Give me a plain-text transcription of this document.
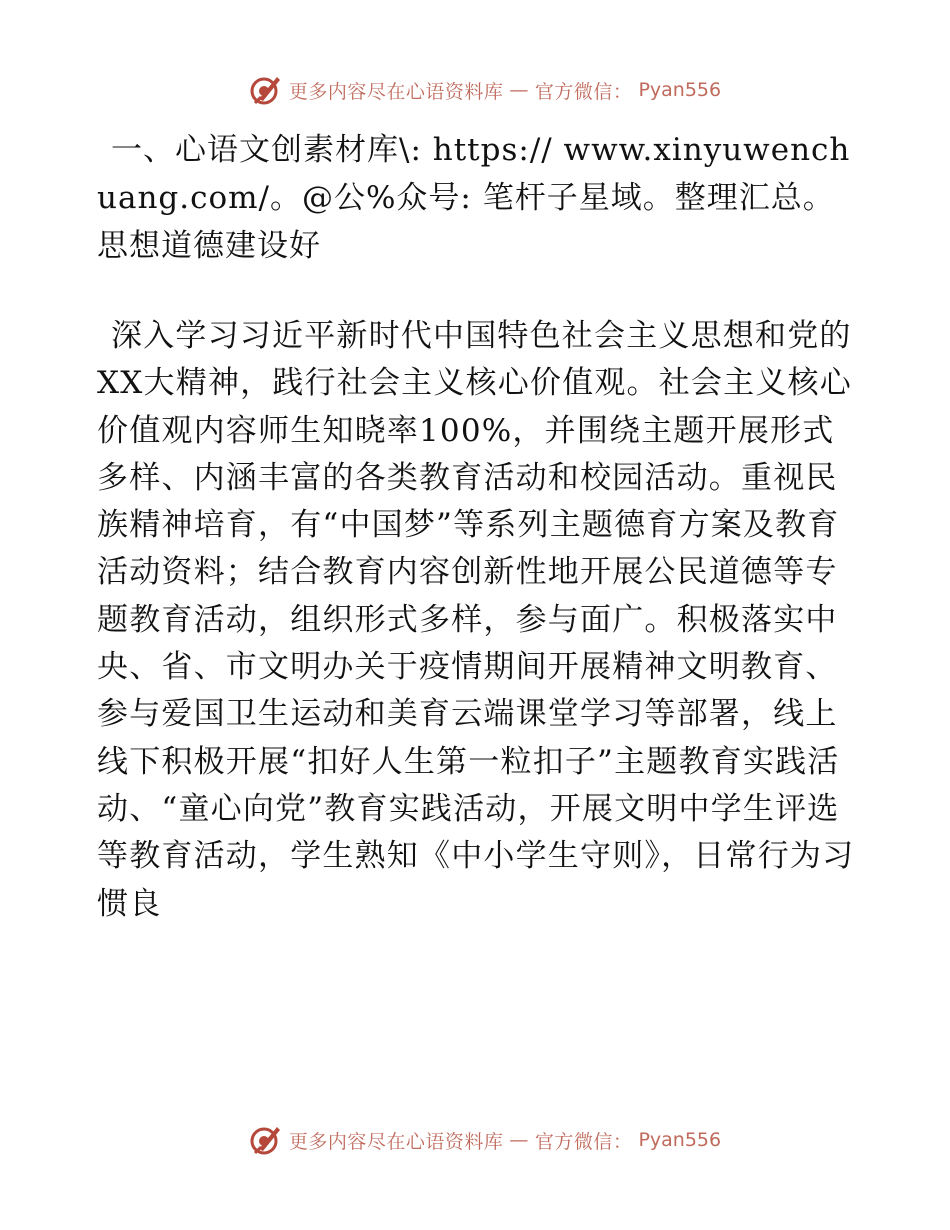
更多内容尽在心语资料库 — 官方微信： Pyan556

一、心语文创素材库\: https:// www.xinyuwenchuang.com/。@公%众号: 笔杆子星域。整理汇总。思想道德建设好

深入学习习近平新时代中国特色社会主义思想和党的XX大精神，践行社会主义核心价值观。社会主义核心价值观内容师生知晓率100%，并围绕主题开展形式多样、内涵丰富的各类教育活动和校园活动。重视民族精神培育，有“中国梦”等系列主题德育方案及教育活动资料；结合教育内容创新性地开展公民道德等专题教育活动，组织形式多样，参与面广。积极落实中央、省、市文明办关于疫情期间开展精神文明教育、参与爱国卫生运动和美育云端课堂学习等部署，线上线下积极开展“扣好人生第一粒扣子”主题教育实践活动、“童心向党”教育实践活动，开展文明中学生评选等教育活动，学生熟知《中小学生守则》，日常行为习惯良

更多内容尽在心语资料库 — 官方微信： Pyan556
